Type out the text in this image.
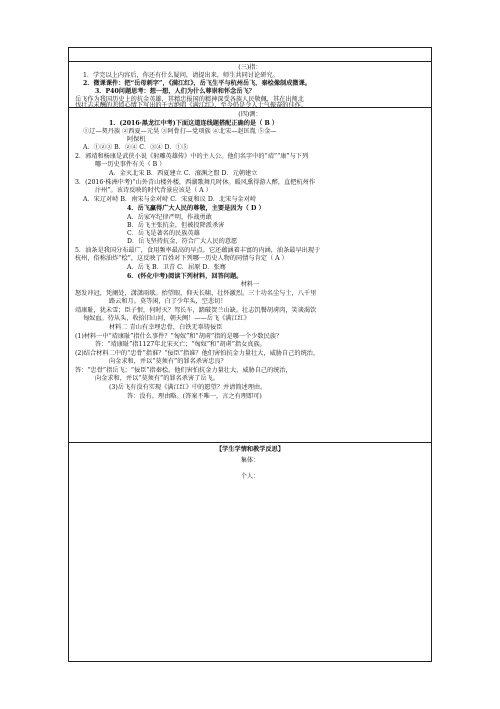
(三)指：
1．学完以上内容后，你还有什么疑问，请提出来，师生共同讨论研究。
2．微课课件：把“岳母刺字”，《满江红》，岳飞生平与杭州岳飞、秦桧像制成微课。
3．P40问题思考：想一想，人们为什么尊崇和怀念岳飞？
岳飞作为我国历史上的抗金英雄，其精忠报国的精神深受各族人民敬佩，其在出师北
伐壮志未酬的悲愤心情下写出的千古绝唱《满江红》，至今仍是令人士气振奋的佳作。
(四)测：
1．(2016·黑龙江中考)下面这道连线题搭配正确的是（ B ）
①辽—契丹族 ②西夏—元昊 ③阿骨打—党项族 ④北宋—赵匡胤 ⑤金—
阿保机
A．①②③ B．②④ C．③④ D．①⑤
2．郭靖和杨康是武侠小说《射雕英雄传》中的主人公。他们名字中的“靖”“康”与下列
哪一历史事件有关（ B ）
A．金灭北宋 B．西夏建立 C．澶渊之盟 D．元朝建立
3．(2016·株洲中考)“山外青山楼外楼，西湖歌舞几时休。暖风熏得游人醉，直把杭州作
汴州”。该诗反映的时代背景应该是（ A ）
A．宋辽对峙 B．南宋与金对峙 C．宋夏和议 D．北宋与金对峙
4．岳飞赢得广大人民的尊敬，主要是因为（ D ）
A．岳家军纪律严明，作战勇敢
B．岳飞主张抗金，但被投降派杀害
C．岳飞是著名的民族英雄
D．岳飞坚持抗金，符合广大人民的意愿
5．油条是我国分布最广，食用频率最高的早点。它还蕴涵着丰富的内涵，油条最早出现于
杭州，俗称油炸“桧”，这反映了百姓对下列哪一历史人物的同情与肯定（ A ）
A．岳飞 B．卫青 C．屈原 D．张骞
6．(怀化中考)阅读下列材料，回答问题。
材料一
怒发冲冠，凭阑处，潇潇雨歇。抬望眼，仰天长啸，壮怀激烈。三十功名尘与土，八千里
路云和月。莫等闲，白了少年头，空悲切！
靖康耻，犹未雪；臣子恨，何时灭？驾长车，踏破贺兰山缺。壮志饥餐胡虏肉，笑谈渴饮
匈奴血。待从头，收拾旧山河，朝天阙！——岳飞《满江红》
材料二 青山有幸埋忠骨，白铁无辜铸佞臣
(1)材料一中“靖康耻”指什么事件？“匈奴”和“胡虏”指的是哪一个少数民族？
答：“靖康耻”指1127年北宋灭亡；“匈奴”和“胡虏”指女真族。
(2)结合材料二中的“忠骨”指谁？“佞臣”指谁？他们害怕抗金力量壮大，威胁自己的统治，
向金求和，并以“莫须有”的罪名杀害忠良？
答：“忠骨”指岳飞；“佞臣”指秦桧。他们害怕抗金力量壮大，威胁自己的统治，
向金求和，并以“莫须有”的罪名杀害了岳飞。
(3)岳飞有没有实现《满江红》中的愿望？并请简述理由。
答：没有。理由略。(答案不唯一，言之有理即可)
【学生学情和教学反思】
集体：
个人：
